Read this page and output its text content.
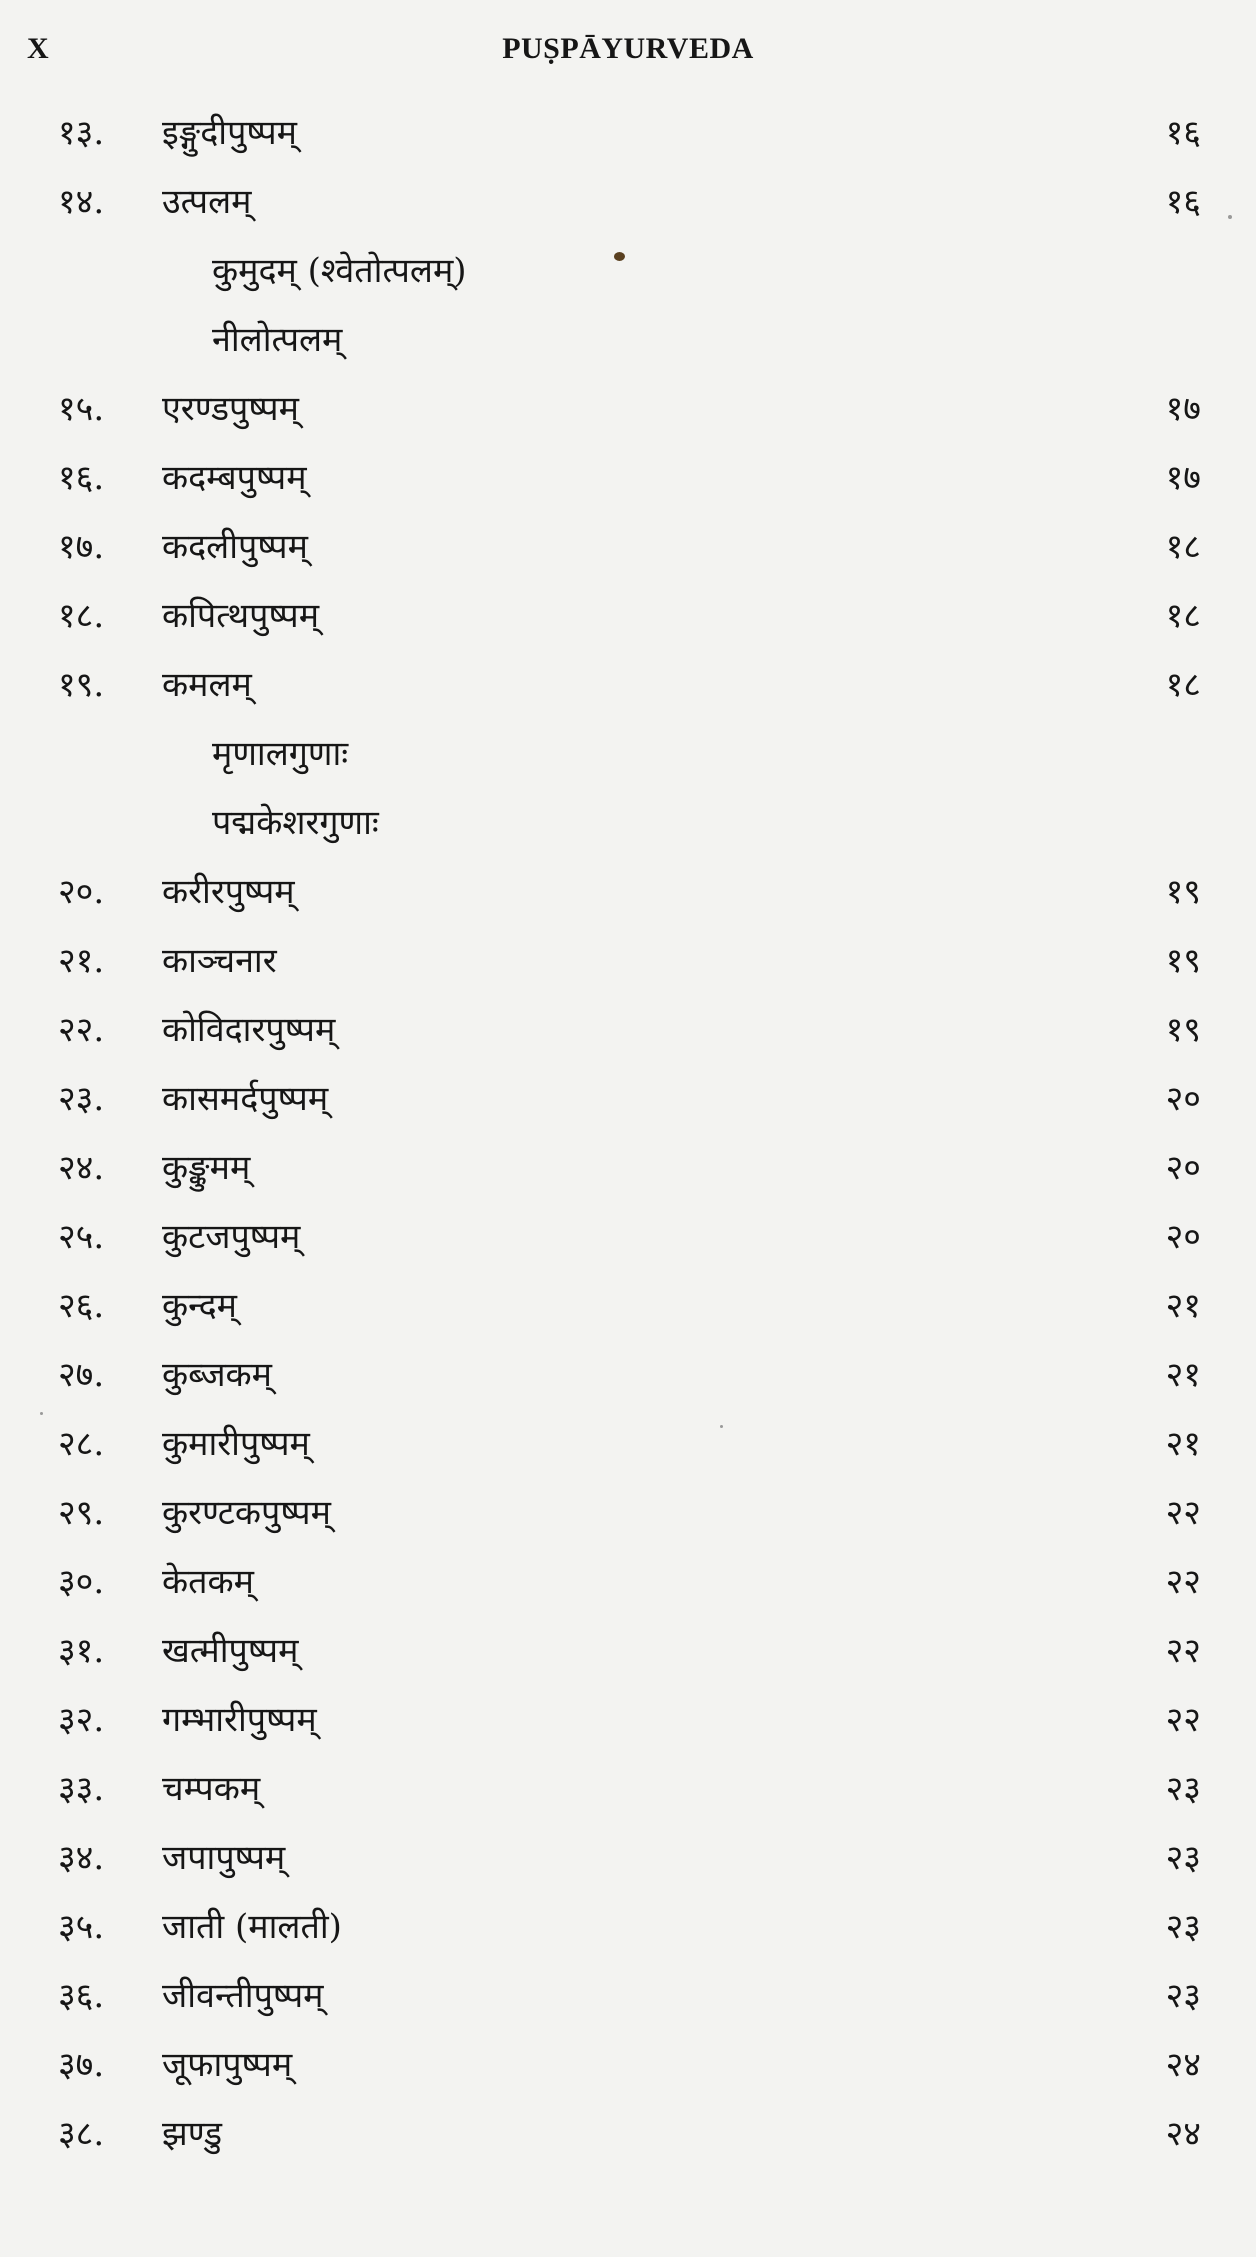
X	PUṢPĀYURVEDA
१३.	इङ्गुदीपुष्पम्	१६
१४.	उत्पलम्	१६
कुमुदम् (श्वेतोत्पलम्)
नीलोत्पलम्
१५.	एरण्डपुष्पम्	१७
१६.	कदम्बपुष्पम्	१७
१७.	कदलीपुष्पम्	१८
१८.	कपित्थपुष्पम्	१८
१९.	कमलम्	१८
मृणालगुणाः
पद्मकेशरगुणाः
२०.	करीरपुष्पम्	१९
२१.	काञ्चनार	१९
२२.	कोविदारपुष्पम्	१९
२३.	कासमर्दपुष्पम्	२०
२४.	कुङ्कुमम्	२०
२५.	कुटजपुष्पम्	२०
२६.	कुन्दम्	२१
२७.	कुब्जकम्	२१
२८.	कुमारीपुष्पम्	२१
२९.	कुरण्टकपुष्पम्	२२
३०.	केतकम्	२२
३१.	खत्मीपुष्पम्	२२
३२.	गम्भारीपुष्पम्	२२
३३.	चम्पकम्	२३
३४.	जपापुष्पम्	२३
३५.	जाती (मालती)	२३
३६.	जीवन्तीपुष्पम्	२३
३७.	जूफापुष्पम्	२४
३८.	झण्डु	२४
